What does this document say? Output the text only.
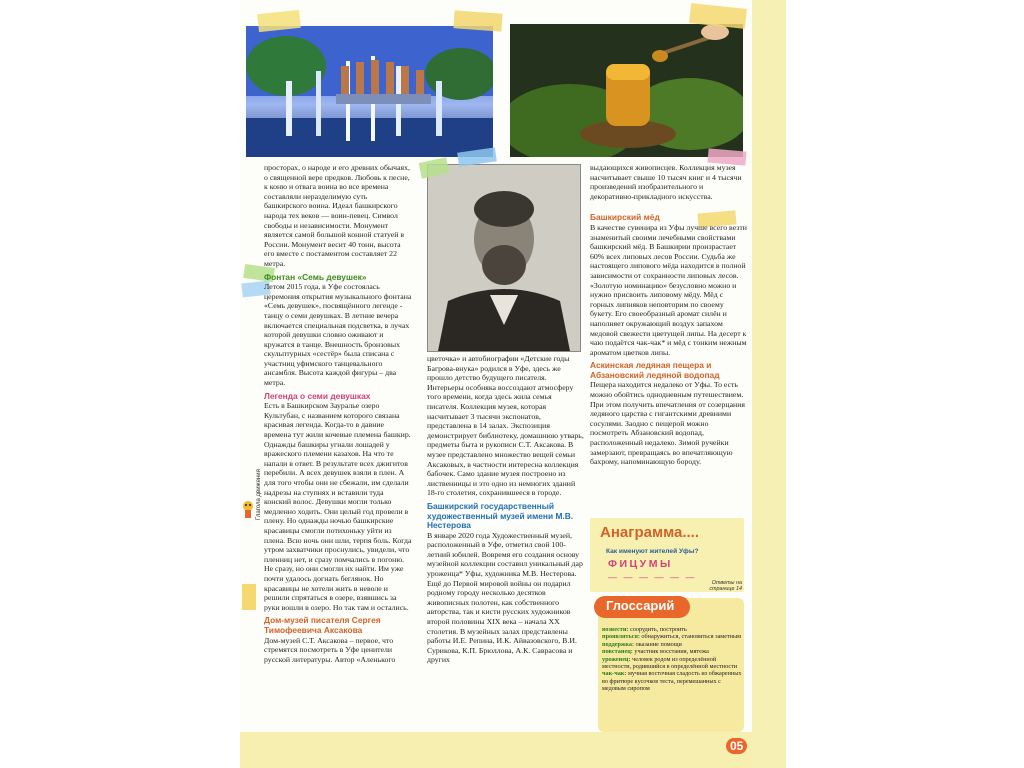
Глагола движения

просторах, о народе и его древних обычаях, о священной вере предков. Любовь к песне, к коню и отвага воина во все времена составляли неразделимую суть башкирского воина. Идеал башкирского народа тех веков — воин-певец. Символ свободы и независимости. Монумент является самой большой конной статуей в России. Монумент весит 40 тонн, высота его вместе с постаментом составляет 22 метра.

Фонтан «Семь девушек»

Летом 2015 года, в Уфе состоялась церемония открытия музыкального фонтана «Семь девушек», посвящённого легенде - танцу о семи девушках. В летние вечера включается специальная подсветка, в лучах которой девушки словно оживают и кружатся в танце. Внешность бронзовых скульптурных «сестёр» была списана с участниц уфимского танцевального ансамбля. Высота каждой фигуры – два метра.

Легенда о семи девушках

Есть в Башкирском Зауралье озеро Культубан, с названием которого связана красивая легенда. Когда-то в давние времена тут жили кочевые племена башкир. Однажды башкиры угнали лошадей у вражеского племени казахов. На что те напали в ответ. В результате всех джигитов перебили. А всех девушек взяли в плен. А для того чтобы они не сбежали, им сделали надрезы на ступнях и вставили туда конский волос. Девушки могли только медленно ходить. Они целый год провели в плену. Но однажды ночью башкирские красавицы смогли потихоньку уйти из плена. Всю ночь они шли, терпя боль. Когда утром захватчики проснулись, увидели, что пленниц нет, и сразу помчались в погоню. Не сразу, но они смогли их найти. Им уже почти удалось догнать беглянок. Но красавицы не хотели жить в неволе и решили спрятаться в озере, взявшись за руки вошли в озеро. Но так там и остались.

Дом-музей писателя Сергея Тимофеевича Аксакова

Дом-музей С.Т. Аксакова – первое, что стремятся посмотреть в Уфе ценители русской литературы. Автор «Аленького

цветочка» и автобиографии «Детские годы Багрова-внука» родился в Уфе, здесь же прошло детство будущего писателя. Интерьеры особняка воссоздают атмосферу того времени, когда здесь жила семья писателя. Коллекция музея, которая насчитывает 3 тысячи экспонатов, представлена в 14 залах. Экспозиция демонстрирует библиотеку, домашнюю утварь, предметы быта и рукописи С.Т. Аксакова. В музее представлено множество вещей семьи Аксаковых, в частности интересна коллекция бабочек. Само здание музея построено из лиственницы и это одно из немногих зданий 18-го столетия, сохранившееся в городе.

Башкирский государственный художественный музей имени М.В. Нестерова

В январе 2020 года Художественный музей, расположенный в Уфе, отметил свой 100-летний юбилей. Вовремя его создания основу музейной коллекции составил уникальный дар уроженца* Уфы, художника М.В. Нестерова. Ещё до Первой мировой войны он подарил родному городу несколько десятков живописных полотен, как собственного авторства, так и кисти русских художников второй половины XIX века – начала XX столетия. В музейных залах представлены работы И.Е. Репина, И.К. Айвазовского, В.И. Сурикова, К.П. Брюллова, А.К. Саврасова и других

выдающихся живописцев. Коллекция музея насчитывает свыше 10 тысяч книг и 4 тысячи произведений изобразительного и декоративно-прикладного искусства.

Башкирский мёд

В качестве сувенира из Уфы лучше всего везти знаменитый своими лечебными свойствами башкирский мёд. В Башкирии произрастает 60% всех липовых лесов России. Судьба же настоящего липового мёда находится в полной зависимости от сохранности липовых лесов. «Золотую номинацию» безусловно можно и нужно присвоить липовому мёду. Мёд с горных липняков неповторим по своему букету. Его своеобразный аромат силён и наполняет окружающий воздух запахом медовой свежести цветущей липы. На десерт к чаю подаётся чак-чак* и мёд с тонким нежным ароматом цветков липы.

Аскинская ледяная пещера и Абзановский ледяной водопад

Пещера находится недалеко от Уфы. То есть можно обойтись однодневным путешествием. При этом получить впечатления от созерцания ледяного царства с гигантскими древними сосулями. Заодно с пещерой можно посмотреть Абзановский водопад, расположенный недалеко. Зимой ручейки замерзают, превращаясь во впечатляющую бахрому, напоминающую бороду.

Анаграмма....
Как именуют жителей Уфы?
ФИЦУМЫ
— — — — — —
Ответы на странице 14
Глоссарий
возвести: соорудить, построить
проявляться: обнаружиться, становиться заметным
поддержка: оказание помощи
повстанец: участник восстания, мятежа
уроженец: человек родом из определённой местности, родившийся в определённой местности
чак-чак: мучная восточная сладость из обжаренных во фритюре кусочков теста, перемешанных с медовым сиропом
05
